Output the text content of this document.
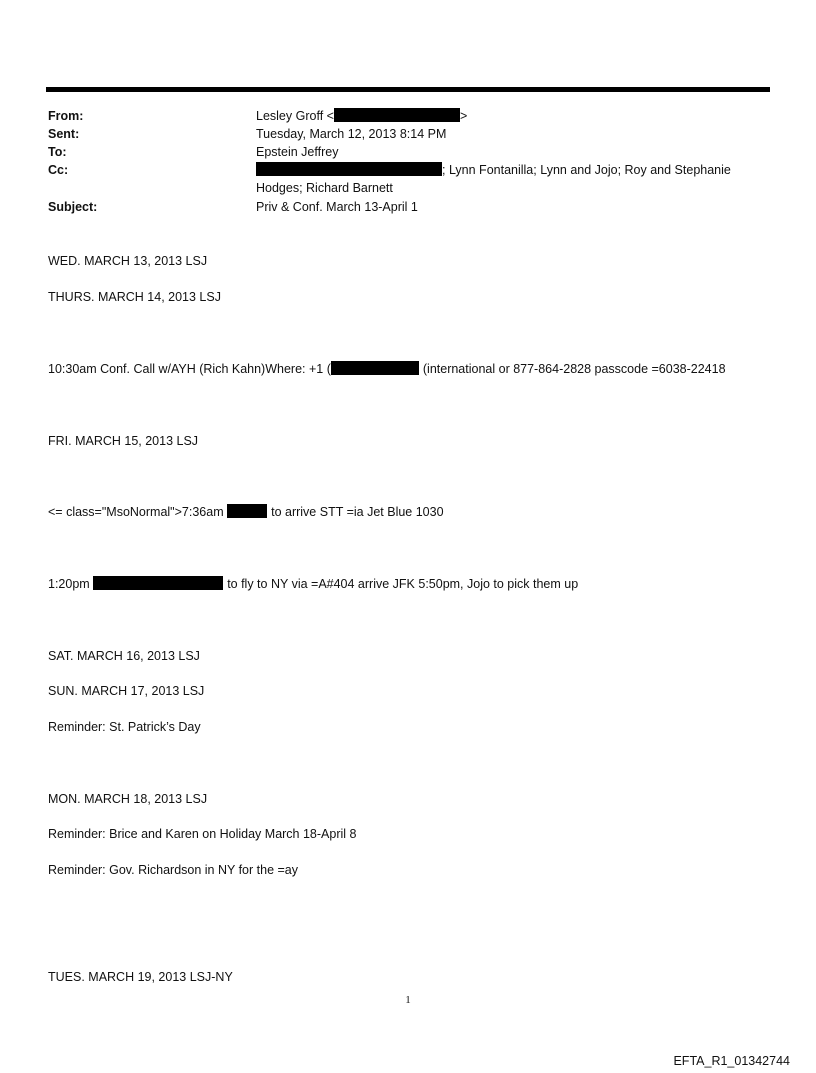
From:	Lesley Groff <	>
Sent:	Tuesday, March 12, 2013 8:14 PM
To:	Epstein Jeffrey
Cc:	; Lynn Fontanilla; Lynn and Jojo; Roy and Stephanie
Hodges; Richard Barnett
Subject:	Priv & Conf. March 13-April 1
WED. MARCH 13, 2013 LSJ
THURS. MARCH 14, 2013 LSJ
10:30am Conf. Call w/AYH (Rich Kahn)Where: +1 (	(international or 877-864-2828 passcode =6038-22418
FRI. MARCH 15, 2013 LSJ
<= class="MsoNormal">7:36am	to arrive STT =ia Jet Blue 1030
1:20pm	to fly to NY via =A#404 arrive JFK 5:50pm, Jojo to pick them up
SAT. MARCH 16, 2013 LSJ
SUN. MARCH 17, 2013 LSJ
Reminder: St. Patrick’s Day
MON. MARCH 18, 2013 LSJ
Reminder: Brice and Karen on Holiday March 18-April 8
Reminder: Gov. Richardson in NY for the =ay
TUES. MARCH 19, 2013 LSJ-NY
1
EFTA_R1_01342744
